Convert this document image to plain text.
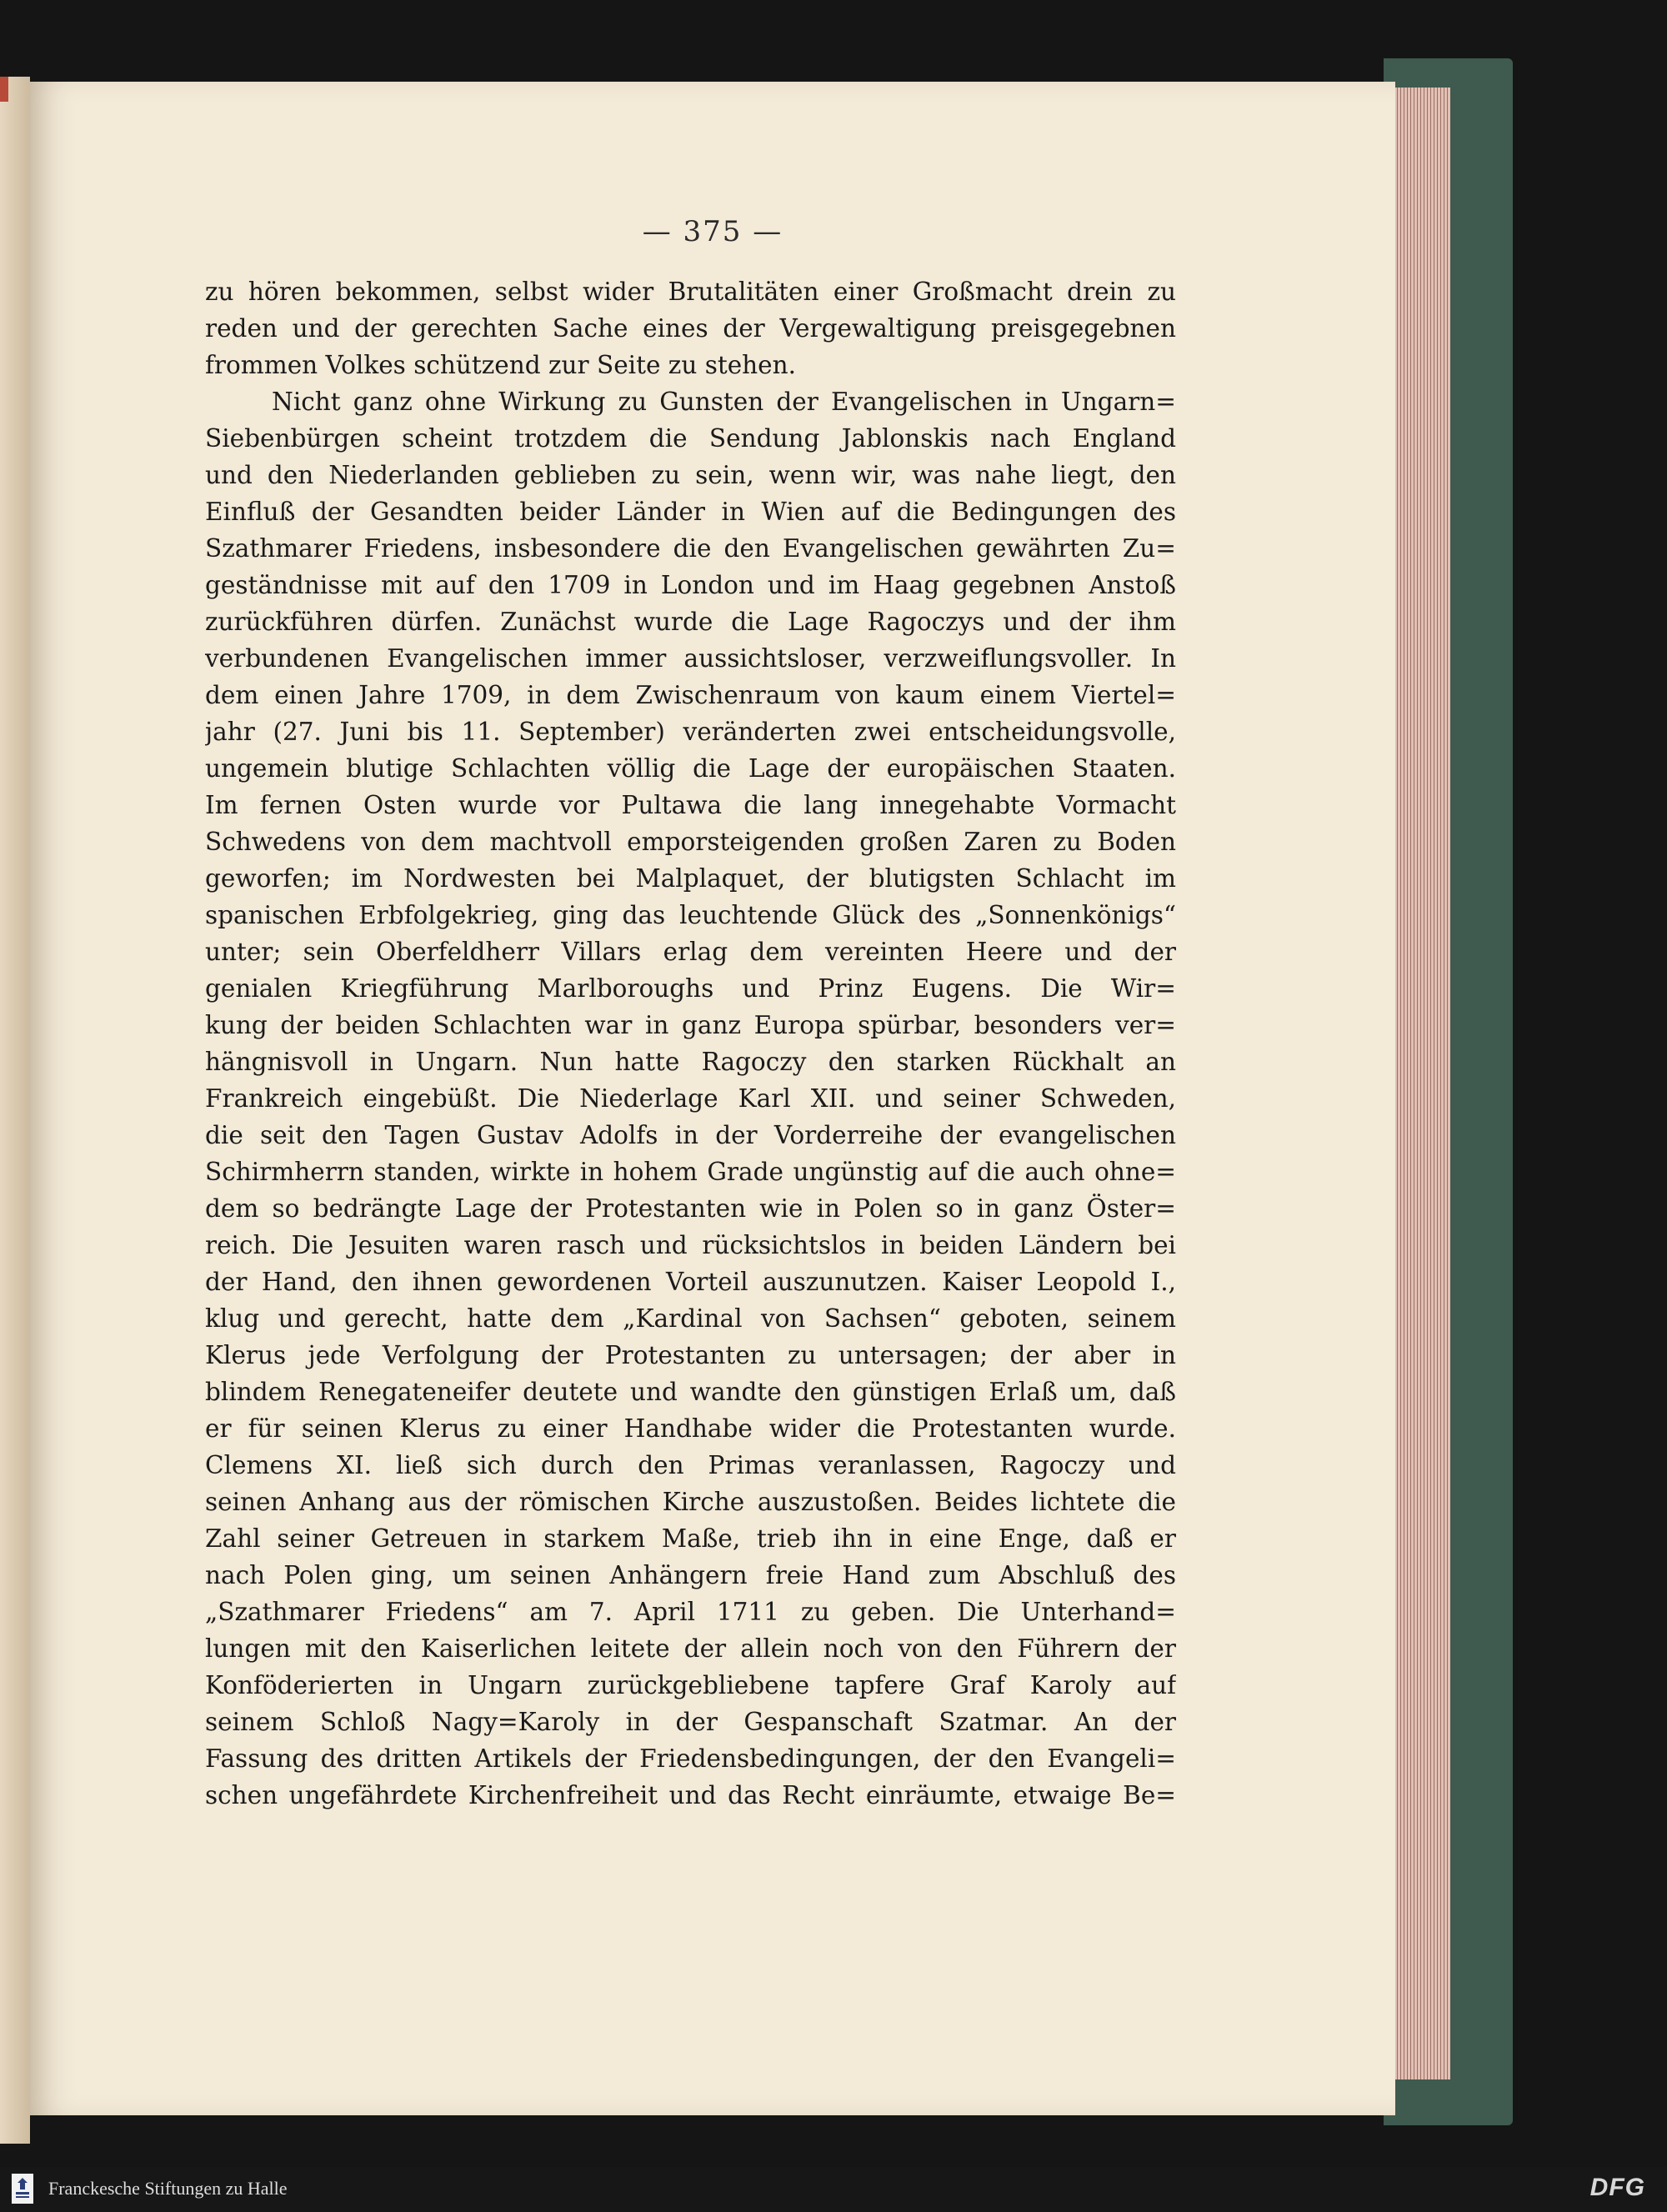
— 375 —
zu hören bekommen, selbst wider Brutalitäten einer Großmacht drein zu
reden und der gerechten Sache eines der Vergewaltigung preisgegebnen
frommen Volkes schützend zur Seite zu stehen.
Nicht ganz ohne Wirkung zu Gunsten der Evangelischen in Ungarn=
Siebenbürgen scheint trotzdem die Sendung Jablonskis nach England
und den Niederlanden geblieben zu sein, wenn wir, was nahe liegt, den
Einfluß der Gesandten beider Länder in Wien auf die Bedingungen des
Szathmarer Friedens, insbesondere die den Evangelischen gewährten Zu=
geständnisse mit auf den 1709 in London und im Haag gegebnen Anstoß
zurückführen dürfen. Zunächst wurde die Lage Ragoczys und der ihm
verbundenen Evangelischen immer aussichtsloser, verzweiflungsvoller. In
dem einen Jahre 1709, in dem Zwischenraum von kaum einem Viertel=
jahr (27. Juni bis 11. September) veränderten zwei entscheidungsvolle,
ungemein blutige Schlachten völlig die Lage der europäischen Staaten.
Im fernen Osten wurde vor Pultawa die lang innegehabte Vormacht
Schwedens von dem machtvoll emporsteigenden großen Zaren zu Boden
geworfen; im Nordwesten bei Malplaquet, der blutigsten Schlacht im
spanischen Erbfolgekrieg, ging das leuchtende Glück des „Sonnenkönigs“
unter; sein Oberfeldherr Villars erlag dem vereinten Heere und der
genialen Kriegführung Marlboroughs und Prinz Eugens. Die Wir=
kung der beiden Schlachten war in ganz Europa spürbar, besonders ver=
hängnisvoll in Ungarn. Nun hatte Ragoczy den starken Rückhalt an
Frankreich eingebüßt. Die Niederlage Karl XII. und seiner Schweden,
die seit den Tagen Gustav Adolfs in der Vorderreihe der evangelischen
Schirmherrn standen, wirkte in hohem Grade ungünstig auf die auch ohne=
dem so bedrängte Lage der Protestanten wie in Polen so in ganz Öster=
reich. Die Jesuiten waren rasch und rücksichtslos in beiden Ländern bei
der Hand, den ihnen gewordenen Vorteil auszunutzen. Kaiser Leopold I.,
klug und gerecht, hatte dem „Kardinal von Sachsen“ geboten, seinem
Klerus jede Verfolgung der Protestanten zu untersagen; der aber in
blindem Renegateneifer deutete und wandte den günstigen Erlaß um, daß
er für seinen Klerus zu einer Handhabe wider die Protestanten wurde.
Clemens XI. ließ sich durch den Primas veranlassen, Ragoczy und
seinen Anhang aus der römischen Kirche auszustoßen. Beides lichtete die
Zahl seiner Getreuen in starkem Maße, trieb ihn in eine Enge, daß er
nach Polen ging, um seinen Anhängern freie Hand zum Abschluß des
„Szathmarer Friedens“ am 7. April 1711 zu geben. Die Unterhand=
lungen mit den Kaiserlichen leitete der allein noch von den Führern der
Konföderierten in Ungarn zurückgebliebene tapfere Graf Karoly auf
seinem Schloß Nagy=Karoly in der Gespanschaft Szatmar. An der
Fassung des dritten Artikels der Friedensbedingungen, der den Evangeli=
schen ungefährdete Kirchenfreiheit und das Recht einräumte, etwaige Be=
Franckesche Stiftungen zu Halle	DFG
